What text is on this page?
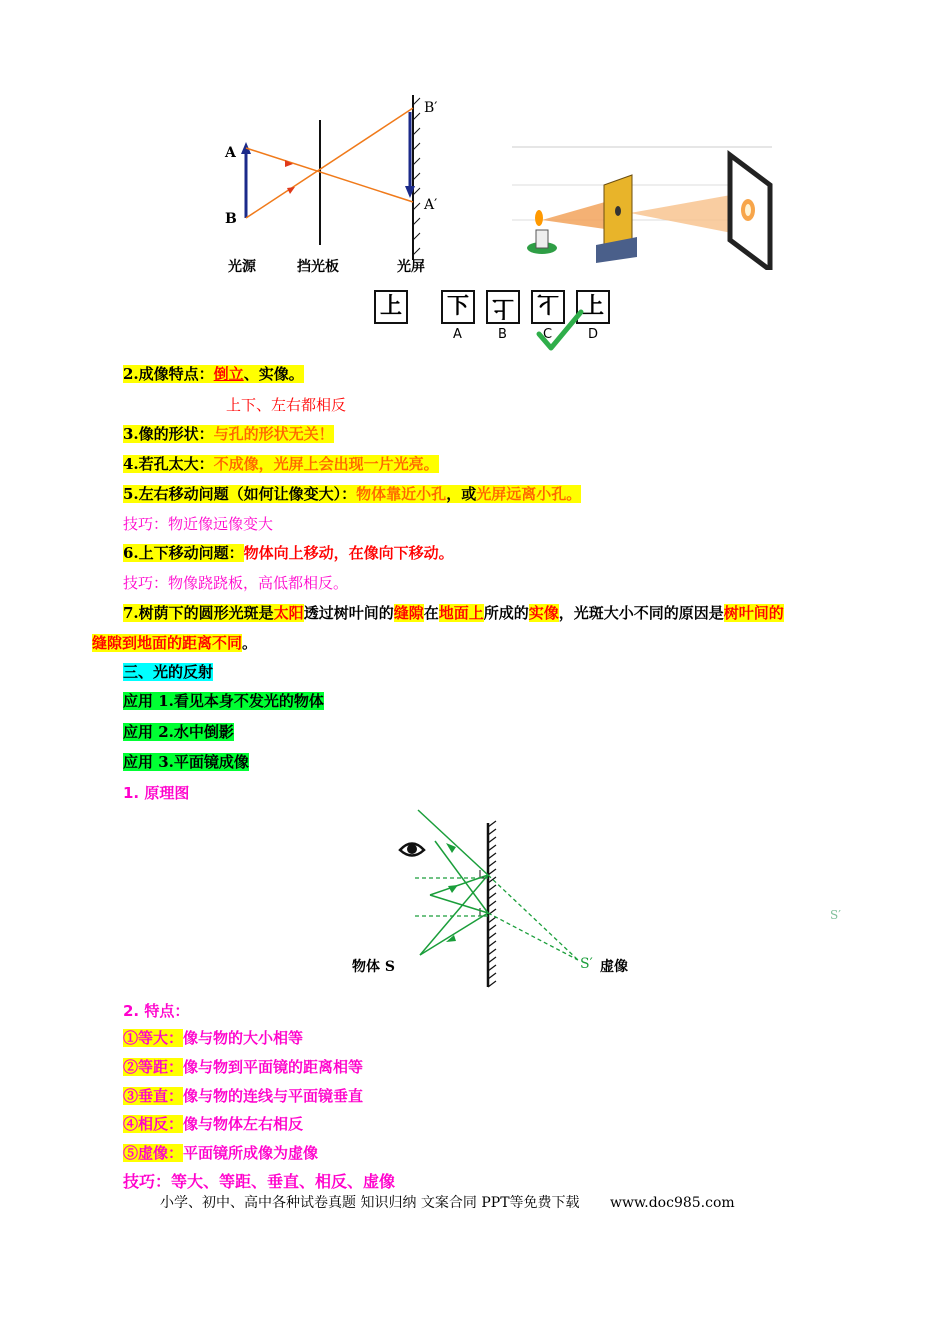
A
B
B′
A′
光源	挡光板	光屏
上 下 上 下 上
A	B	C	D
2.成像特点：倒立、实像。
上下、左右都相反
3.像的形状：与孔的形状无关！
4.若孔太大：不成像，光屏上会出现一片光亮。
5.左右移动问题（如何让像变大）：物体靠近小孔，或光屏远离小孔。
技巧：物近像远像变大
6.上下移动问题：物体向上移动，在像向下移动。
技巧：物像跷跷板，高低都相反。
7.树荫下的圆形光斑是太阳透过树叶间的缝隙在地面上所成的实像，光斑大小不同的原因是树叶间的
缝隙到地面的距离不同。
三、光的反射
应用 1.看见本身不发光的物体
应用 2.水中倒影
应用 3.平面镜成像
1. 原理图
物体 S	S′ 虚像
S′
2. 特点：
①等大：像与物的大小相等
②等距：像与物到平面镜的距离相等
③垂直：像与物的连线与平面镜垂直
④相反：像与物体左右相反
⑤虚像：平面镜所成像为虚像
技巧：等大、等距、垂直、相反、虚像
小学、初中、高中各种试卷真题 知识归纳 文案合同 PPT等免费下载 www.doc985.com
